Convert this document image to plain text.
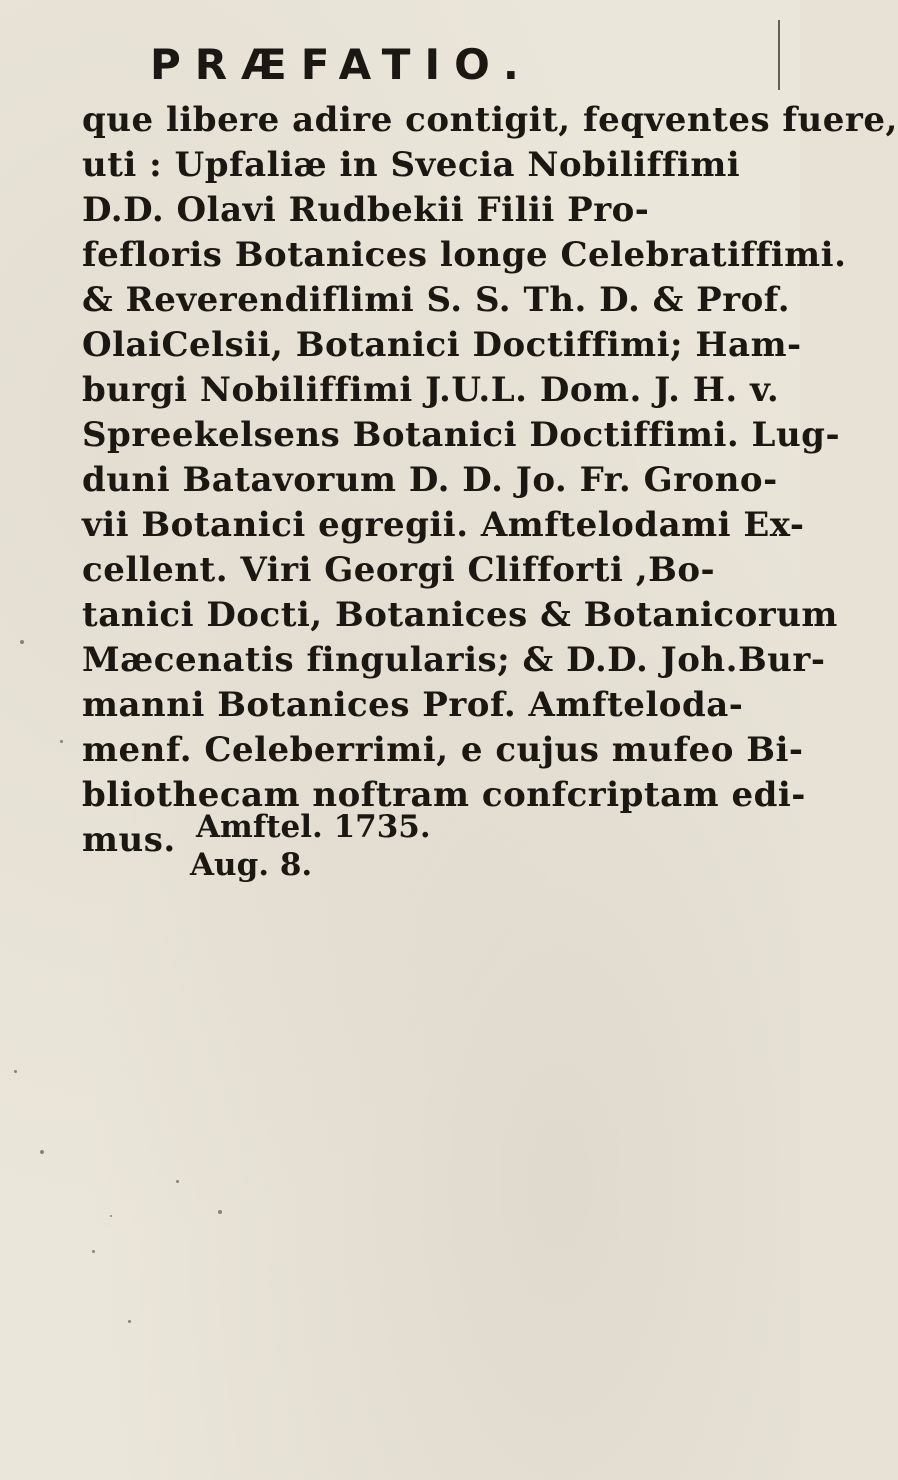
PRÆFATIO.
que libere adire contigit, feqventes fuere,
uti : Upfaliæ in Svecia Nobiliffimi
D.D. Olavi Rudbekii Filii Pro-
fefloris Botanices longe Celebratiffimi.
& Reverendiflimi S. S. Th. D. & Prof.
OlaiCelsii, Botanici Doctiffimi; Ham-
burgi Nobiliffimi J.U.L. Dom. J. H. v.
Spreekelsens Botanici Doctiffimi. Lug-
duni Batavorum D. D. Jo. Fr. Grono-
vii Botanici egregii. Amftelodami Ex-
cellent. Viri Georgi Clifforti ,Bo-
tanici Docti, Botanices & Botanicorum
Mæcenatis fingularis; & D.D. Joh.Bur-
manni Botanices Prof. Amfteloda-
menf. Celeberrimi, e cujus mufeo Bi-
bliothecam noftram confcriptam edi-
mus. Amftel. 1735.
Aug. 8.
